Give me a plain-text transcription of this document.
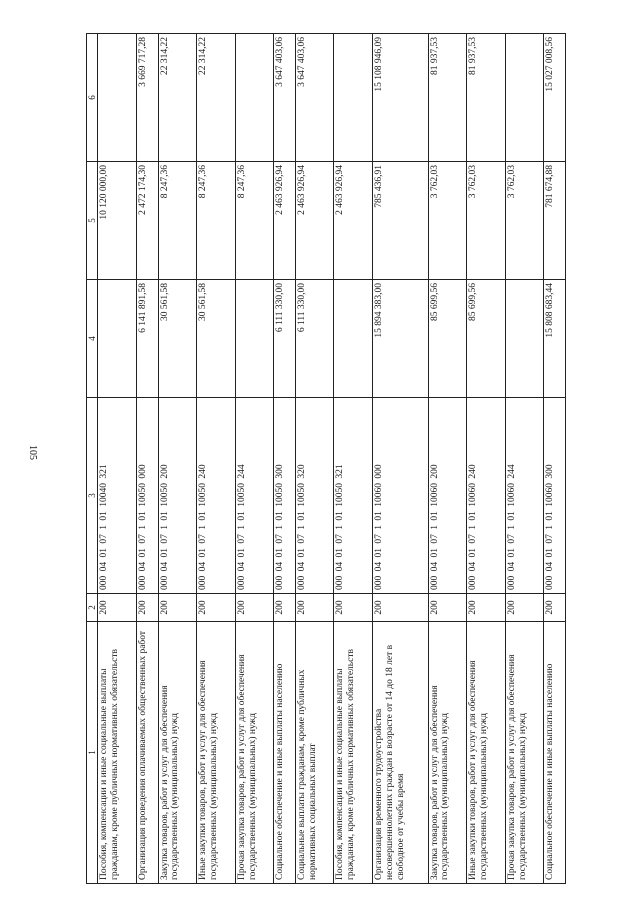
105
1	2	3	4	5	6
Пособия, компенсации и иные социальные выплаты гражданам, кроме публичных нормативных обязательств	200	000 04 01 07 1 01 10040 321		10 120 000,00	
Организация проведения оплачиваемых общественных работ	200	000 04 01 07 1 01 10050 000	6 141 891,58	2 472 174,30	3 669 717,28
Закупка товаров, работ и услуг для обеспечения государственных (муниципальных) нужд	200	000 04 01 07 1 01 10050 200	30 561,58	8 247,36	22 314,22
Иные закупки товаров, работ и услуг для обеспечения государственных (муниципальных) нужд	200	000 04 01 07 1 01 10050 240	30 561,58	8 247,36	22 314,22
Прочая закупка товаров, работ и услуг для обеспечения государственных (муниципальных) нужд	200	000 04 01 07 1 01 10050 244		8 247,36	
Социальное обеспечение и иные выплаты населению	200	000 04 01 07 1 01 10050 300	6 111 330,00	2 463 926,94	3 647 403,06
Социальные выплаты гражданам, кроме публичных нормативных социальных выплат	200	000 04 01 07 1 01 10050 320	6 111 330,00	2 463 926,94	3 647 403,06
Пособия, компенсации и иные социальные выплаты гражданам, кроме публичных нормативных обязательств	200	000 04 01 07 1 01 10050 321		2 463 926,94	
Организация временного трудоустройства несовершеннолетних граждан в возрасте от 14 до 18 лет в свободное от учебы время	200	000 04 01 07 1 01 10060 000	15 894 383,00	785 436,91	15 108 946,09
Закупка товаров, работ и услуг для обеспечения государственных (муниципальных) нужд	200	000 04 01 07 1 01 10060 200	85 699,56	3 762,03	81 937,53
Иные закупки товаров, работ и услуг для обеспечения государственных (муниципальных) нужд	200	000 04 01 07 1 01 10060 240	85 699,56	3 762,03	81 937,53
Прочая закупка товаров, работ и услуг для обеспечения государственных (муниципальных) нужд	200	000 04 01 07 1 01 10060 244		3 762,03	
Социальное обеспечение и иные выплаты населению	200	000 04 01 07 1 01 10060 300	15 808 683,44	781 674,88	15 027 008,56
